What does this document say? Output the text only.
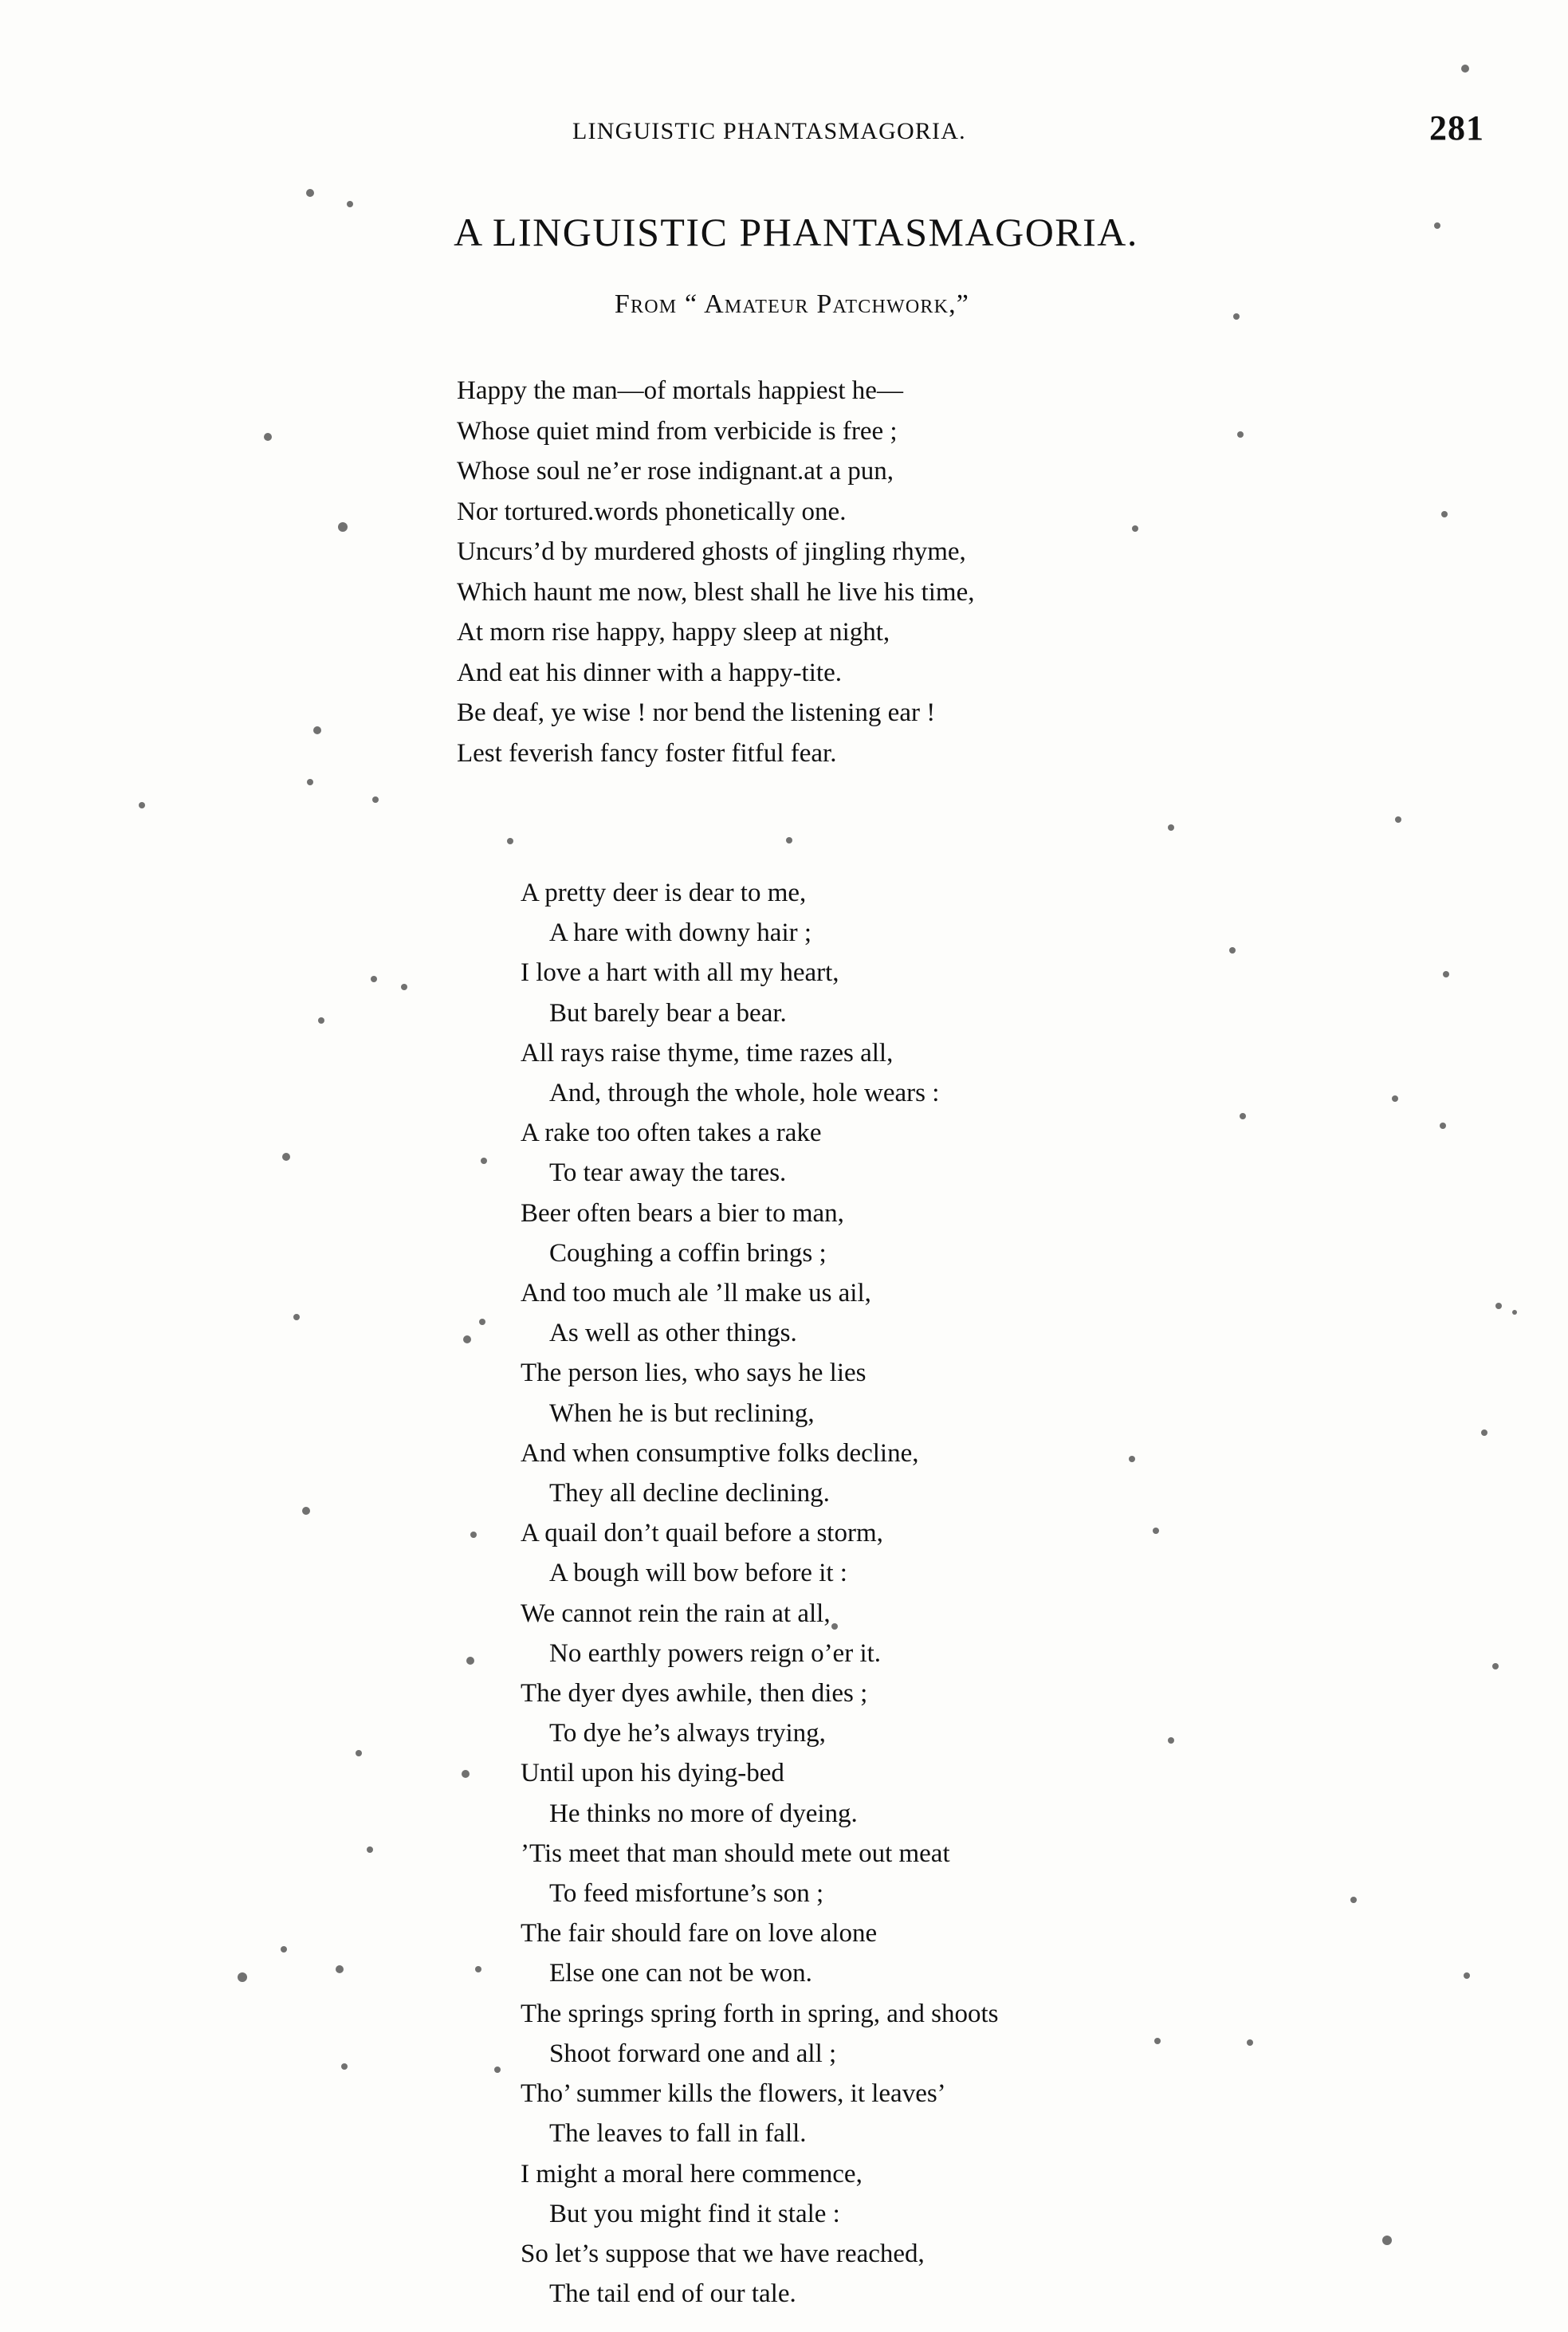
LINGUISTIC PHANTASMAGORIA.	281
A LINGUISTIC PHANTASMAGORIA.
From “ Amateur Patchwork,”
Happy the man—of mortals happiest he—
Whose quiet mind from verbicide is free ;
Whose soul ne’er rose indignant.at a pun,
Nor tortured.words phonetically one.
Uncurs’d by murdered ghosts of jingling rhyme,
Which haunt me now, blest shall he live his time,
At morn rise happy, happy sleep at night,
And eat his dinner with a happy-tite.
Be deaf, ye wise ! nor bend the listening ear !
Lest feverish fancy foster fitful fear.
A pretty deer is dear to me,
A hare with downy hair ;
I love a hart with all my heart,
But barely bear a bear.
All rays raise thyme, time razes all,
And, through the whole, hole wears :
A rake too often takes a rake
To tear away the tares.
Beer often bears a bier to man,
Coughing a coffin brings ;
And too much ale ’ll make us ail,
As well as other things.
The person lies, who says he lies
When he is but reclining,
And when consumptive folks decline,
They all decline declining.
A quail don’t quail before a storm,
A bough will bow before it :
We cannot rein the rain at all,
No earthly powers reign o’er it.
The dyer dyes awhile, then dies ;
To dye he’s always trying,
Until upon his dying-bed
He thinks no more of dyeing.
’Tis meet that man should mete out meat
To feed misfortune’s son ;
The fair should fare on love alone
Else one can not be won.
The springs spring forth in spring, and shoots
Shoot forward one and all ;
Tho’ summer kills the flowers, it leaves’
The leaves to fall in fall.
I might a moral here commence,
But you might find it stale :
So let’s suppose that we have reached,
The tail end of our tale.
